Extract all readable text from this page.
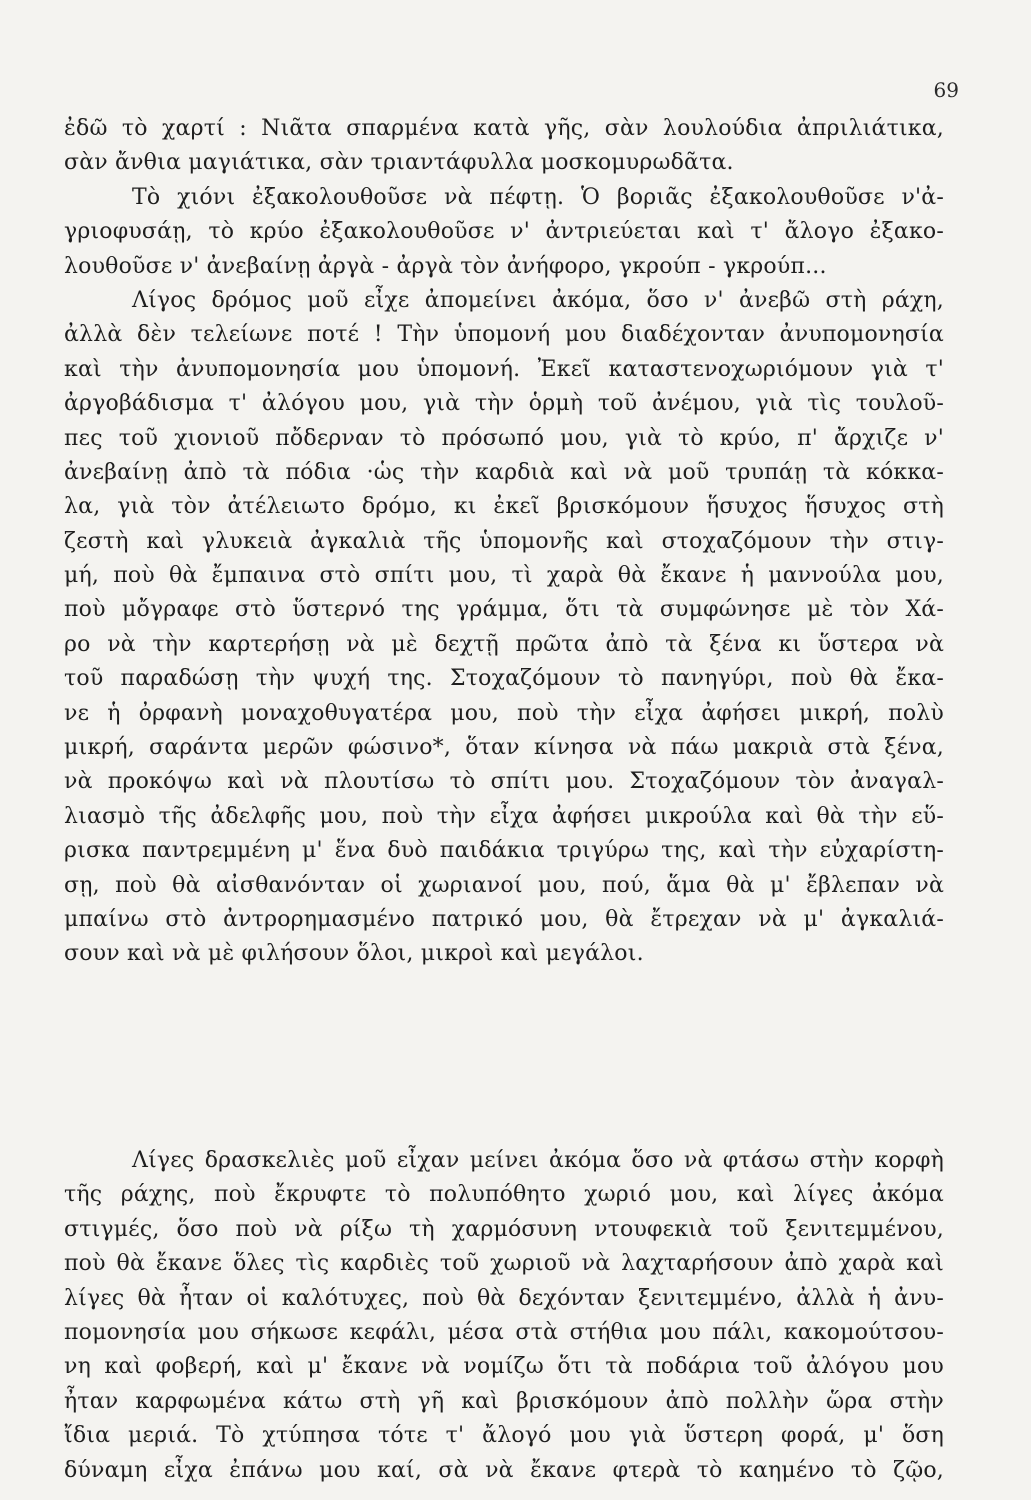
69
ἐδῶ τὸ χαρτί : Νιᾶτα σπαρμένα κατὰ γῆς, σὰν λουλούδια ἀπριλιάτικα,
σὰν ἄνθια μαγιάτικα, σὰν τριαντάφυλλα μοσκομυρωδᾶτα.
Τὸ χιόνι ἐξακολουθοῦσε νὰ πέφτῃ. Ὁ βοριᾶς ἐξακολουθοῦσε ν'ἀ-
γριοφυσάῃ, τὸ κρύο ἐξακολουθοῦσε ν' ἀντριεύεται καὶ τ' ἄλογο ἐξακο-
λουθοῦσε ν' ἀνεβαίνῃ ἀργὰ - ἀργὰ τὸν ἀνήφορο, γκρούπ - γκρούπ...
Λίγος δρόμος μοῦ εἶχε ἀπομείνει ἀκόμα, ὅσο ν' ἀνεβῶ στὴ ράχη,
ἀλλὰ δὲν τελείωνε ποτέ ! Τὴν ὑπομονή μου διαδέχονταν ἀνυπομονησία
καὶ τὴν ἀνυπομονησία μου ὑπομονή. Ἐκεῖ καταστενοχωριόμουν γιὰ τ'
ἀργοβάδισμα τ' ἀλόγου μου, γιὰ τὴν ὁρμὴ τοῦ ἀνέμου, γιὰ τὶς τουλοῦ-
πες τοῦ χιονιοῦ πὄδερναν τὸ πρόσωπό μου, γιὰ τὸ κρύο, π' ἄρχιζε ν'
ἀνεβαίνῃ ἀπὸ τὰ πόδια ·ὡς τὴν καρδιὰ καὶ νὰ μοῦ τρυπάῃ τὰ κόκκα-
λα, γιὰ τὸν ἀτέλειωτο δρόμο, κι ἐκεῖ βρισκόμουν ἥσυχος ἥσυχος στὴ
ζεστὴ καὶ γλυκειὰ ἀγκαλιὰ τῆς ὑπομονῆς καὶ στοχαζόμουν τὴν στιγ-
μή, ποὺ θὰ ἔμπαινα στὸ σπίτι μου, τὶ χαρὰ θὰ ἔκανε ἡ μαννούλα μου,
ποὺ μὄγραφε στὸ ὕστερνό της γράμμα, ὅτι τὰ συμφώνησε μὲ τὸν Χά-
ρο νὰ τὴν καρτερήσῃ νὰ μὲ δεχτῇ πρῶτα ἀπὸ τὰ ξένα κι ὕστερα νὰ
τοῦ παραδώσῃ τὴν ψυχή της. Στοχαζόμουν τὸ πανηγύρι, ποὺ θὰ ἔκα-
νε ἡ ὀρφανὴ μοναχοθυγατέρα μου, ποὺ τὴν εἶχα ἀφήσει μικρή, πολὺ
μικρή, σαράντα μερῶν φώσινο*, ὅταν κίνησα νὰ πάω μακριὰ στὰ ξένα,
νὰ προκόψω καὶ νὰ πλουτίσω τὸ σπίτι μου. Στοχαζόμουν τὸν ἀναγαλ-
λιασμὸ τῆς ἀδελφῆς μου, ποὺ τὴν εἶχα ἀφήσει μικρούλα καὶ θὰ τὴν εὕ-
ρισκα παντρεμμένη μ' ἕνα δυὸ παιδάκια τριγύρω της, καὶ τὴν εὐχαρίστη-
σῃ, ποὺ θὰ αἰσθανόνταν οἱ χωριανοί μου, πού, ἅμα θὰ μ' ἔβλεπαν νὰ
μπαίνω στὸ ἀντρορημασμένο πατρικό μου, θὰ ἔτρεχαν νὰ μ' ἀγκαλιά-
σουν καὶ νὰ μὲ φιλήσουν ὅλοι, μικροὶ καὶ μεγάλοι.
Λίγες δρασκελιὲς μοῦ εἶχαν μείνει ἀκόμα ὅσο νὰ φτάσω στὴν κορφὴ
τῆς ράχης, ποὺ ἔκρυφτε τὸ πολυπόθητο χωριό μου, καὶ λίγες ἀκόμα
στιγμές, ὅσο ποὺ νὰ ρίξω τὴ χαρμόσυνη ντουφεκιὰ τοῦ ξενιτεμμένου,
ποὺ θὰ ἔκανε ὅλες τὶς καρδιὲς τοῦ χωριοῦ νὰ λαχταρήσουν ἀπὸ χαρὰ καὶ
λίγες θὰ ἦταν οἱ καλότυχες, ποὺ θὰ δεχόνταν ξενιτεμμένο, ἀλλὰ ἡ ἀνυ-
πομονησία μου σήκωσε κεφάλι, μέσα στὰ στήθια μου πάλι, κακομούτσου-
νη καὶ φοβερή, καὶ μ' ἔκανε νὰ νομίζω ὅτι τὰ ποδάρια τοῦ ἀλόγου μου
ἦταν καρφωμένα κάτω στὴ γῆ καὶ βρισκόμουν ἀπὸ πολλὴν ὥρα στὴν
ἴδια μεριά. Τὸ χτύπησα τότε τ' ἄλογό μου γιὰ ὕστερη φορά, μ' ὅση
δύναμη εἶχα ἐπάνω μου καί, σὰ νὰ ἔκανε φτερὰ τὸ καημένο τὸ ζῷο,
